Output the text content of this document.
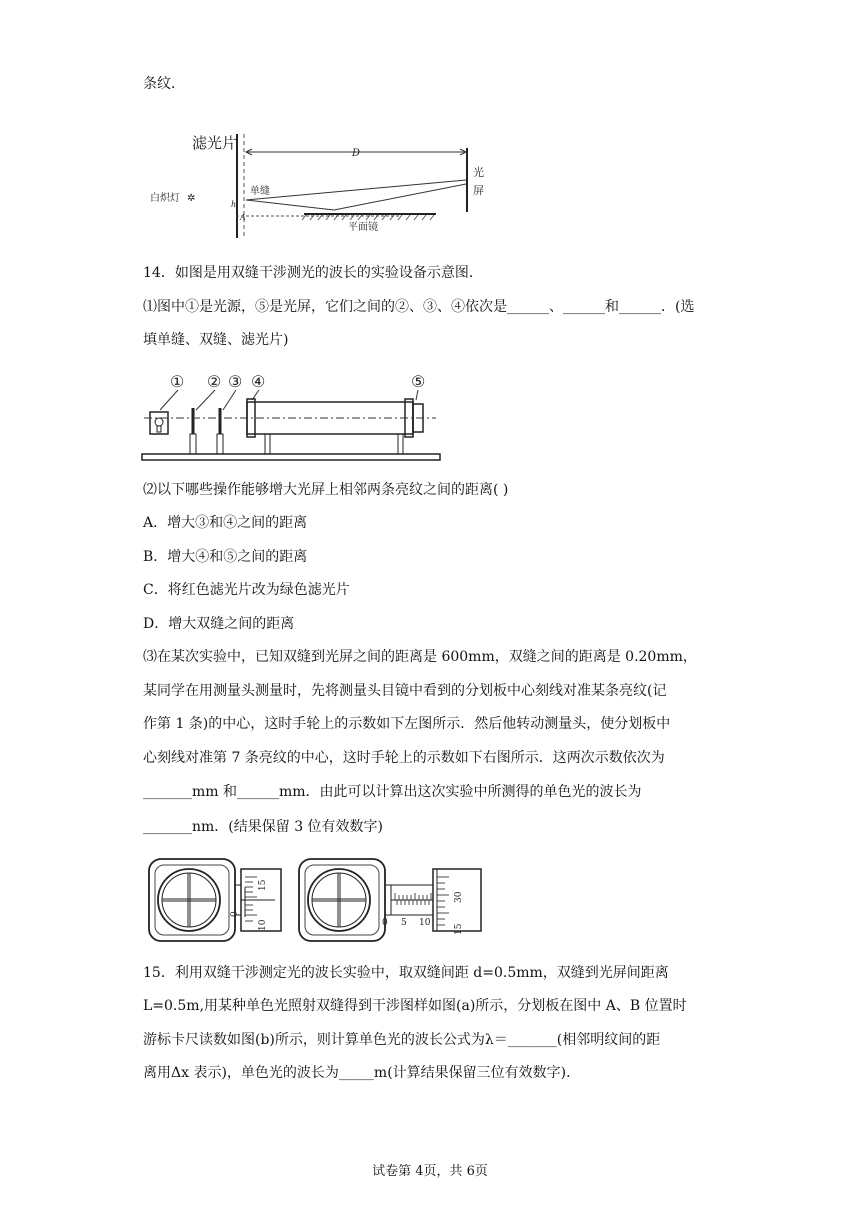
条纹．
滤光片
白炽灯 ✲
单缝
h
A
D
光
屏
平面镜
14．如图是用双缝干涉测光的波长的实验设备示意图．
⑴图中①是光源，⑤是光屏，它们之间的②、③、④依次是______、______和______．(选
填单缝、双缝、滤光片)
① ② ③ ④	⑤
⑵以下哪些操作能够增大光屏上相邻两条亮纹之间的距离( )
A．增大③和④之间的距离
B．增大④和⑤之间的距离
C．将红色滤光片改为绿色滤光片
D．增大双缝之间的距离
⑶在某次实验中，已知双缝到光屏之间的距离是 600mm，双缝之间的距离是 0.20mm，
某同学在用测量头测量时，先将测量头目镜中看到的分划板中心刻线对准某条亮纹(记
作第 1 条)的中心，这时手轮上的示数如下左图所示．然后他转动测量头，使分划板中
心刻线对准第 7 条亮纹的中心，这时手轮上的示数如下右图所示．这两次示数依次为
_______mm 和______mm．由此可以计算出这次实验中所测得的单色光的波长为
_______nm．(结果保留 3 位有效数字)
15
10
0
0 5 10
30
15
15．利用双缝干涉测定光的波长实验中，取双缝间距 d=0.5mm，双缝到光屏间距离
L=0.5m,用某种单色光照射双缝得到干涉图样如图(a)所示，分划板在图中 A、B 位置时
游标卡尺读数如图(b)所示，则计算单色光的波长公式为λ＝_______(相邻明纹间的距
离用Δx 表示)，单色光的波长为_____m(计算结果保留三位有效数字)．
试卷第 4页，共 6页
